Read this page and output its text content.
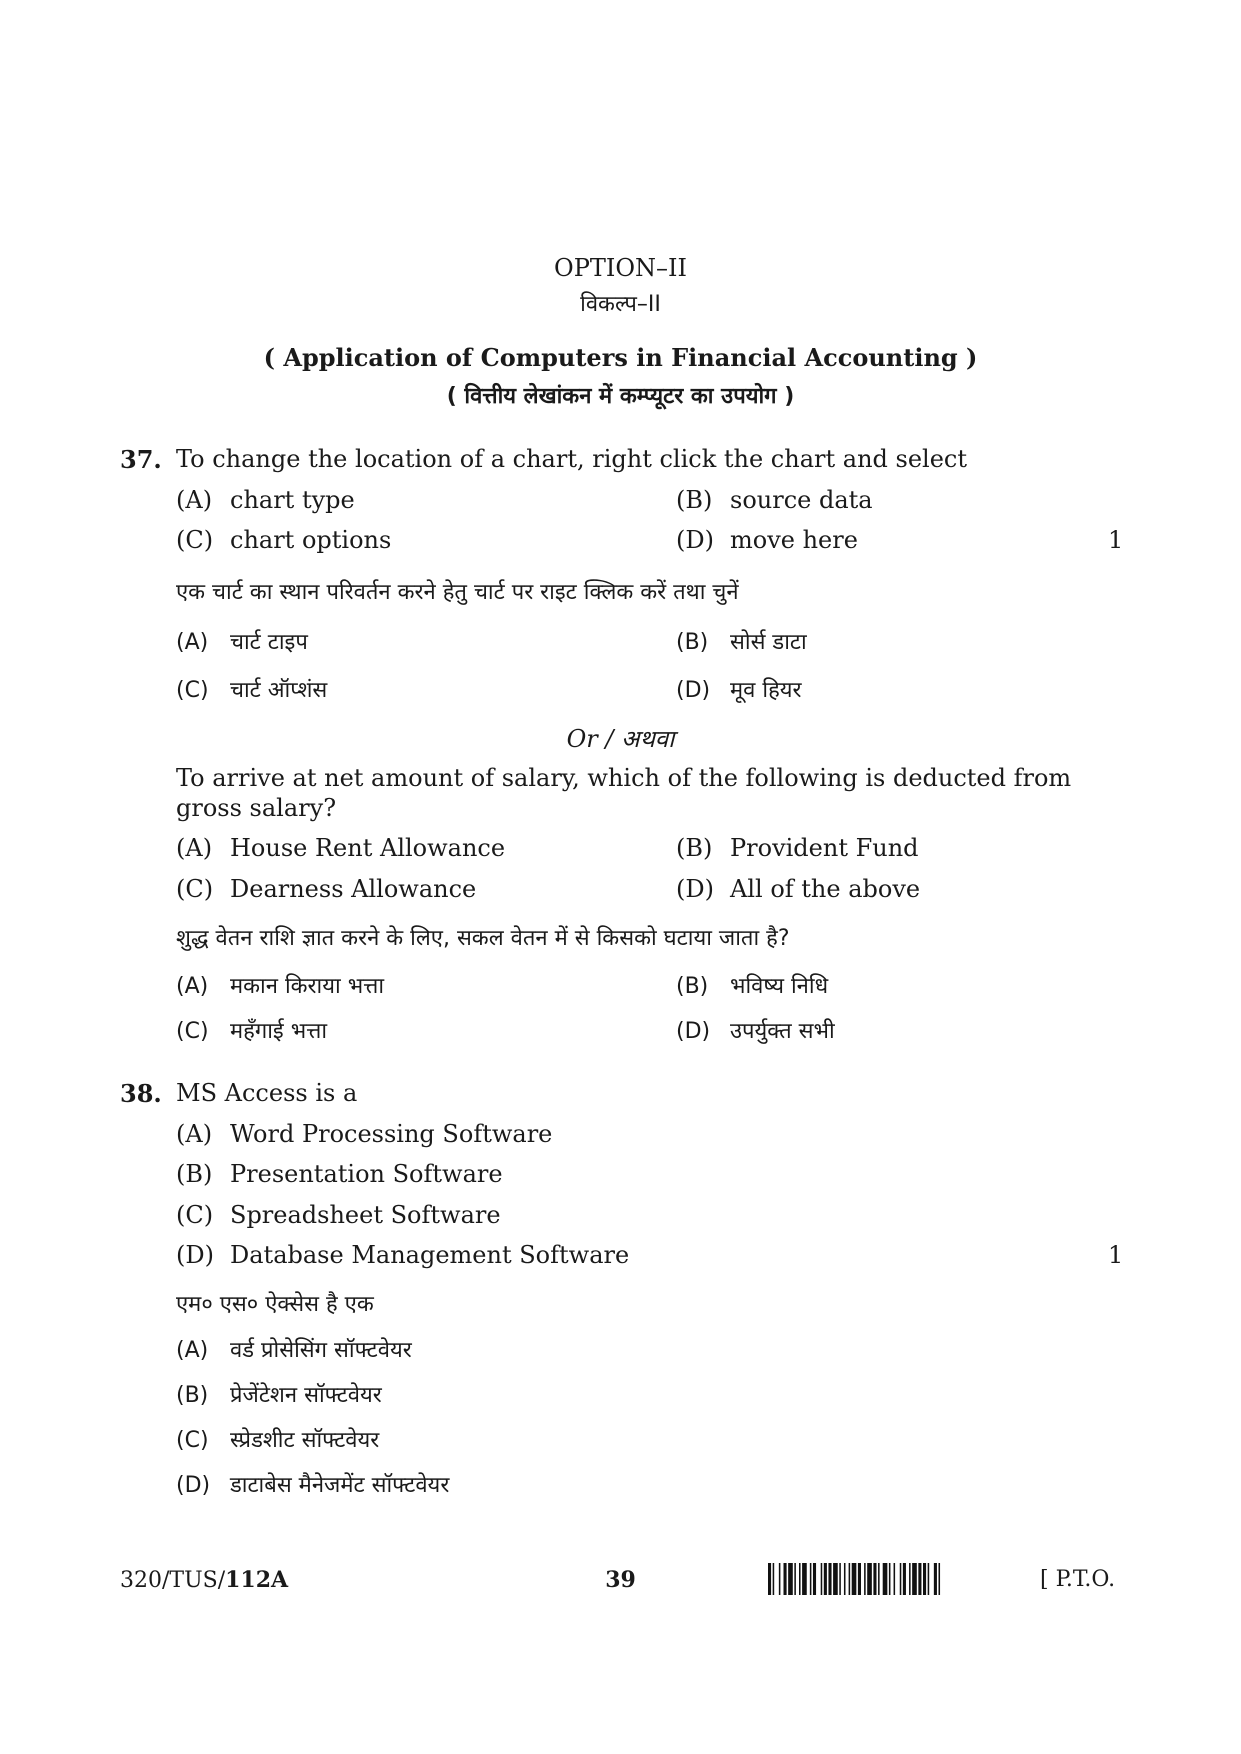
OPTION–II
विकल्प–II
( Application of Computers in Financial Accounting )
( वित्तीय लेखांकन में कम्प्यूटर का उपयोग )
37. To change the location of a chart, right click the chart and select
(A) chart type	(B) source data
(C) chart options	(D) move here	1
एक चार्ट का स्थान परिवर्तन करने हेतु चार्ट पर राइट क्लिक करें तथा चुनें
(A) चार्ट टाइप	(B) सोर्स डाटा
(C) चार्ट ऑप्शंस	(D) मूव हियर
Or / अथवा
To arrive at net amount of salary, which of the following is deducted from
gross salary?
(A) House Rent Allowance	(B) Provident Fund
(C) Dearness Allowance	(D) All of the above
शुद्ध वेतन राशि ज्ञात करने के लिए, सकल वेतन में से किसको घटाया जाता है?
(A) मकान किराया भत्ता	(B) भविष्य निधि
(C) महँगाई भत्ता	(D) उपर्युक्त सभी
38. MS Access is a
(A) Word Processing Software
(B) Presentation Software
(C) Spreadsheet Software
(D) Database Management Software	1
एम० एस० ऐक्सेस है एक
(A) वर्ड प्रोसेसिंग सॉफ्टवेयर
(B) प्रेजेंटेशन सॉफ्टवेयर
(C) स्प्रेडशीट सॉफ्टवेयर
(D) डाटाबेस मैनेजमेंट सॉफ्टवेयर
320/TUS/112A	39	[ P.T.O.
